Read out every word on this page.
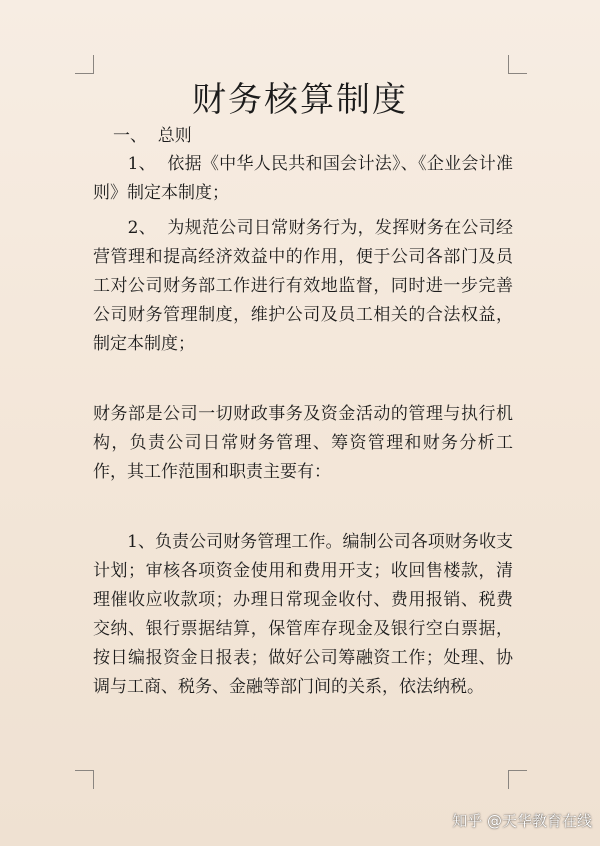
财务核算制度

一、  总则

　　1、  依据《中华人民共和国会计法》、《企业会计准则》制定本制度；

　　2、  为规范公司日常财务行为，发挥财务在公司经营管理和提高经济效益中的作用，便于公司各部门及员工对公司财务部工作进行有效地监督，同时进一步完善公司财务管理制度，维护公司及员工相关的合法权益，制定本制度；

财务部是公司一切财政事务及资金活动的管理与执行机构，负责公司日常财务管理、筹资管理和财务分析工作，其工作范围和职责主要有：

　　1、负责公司财务管理工作。编制公司各项财务收支计划；审核各项资金使用和费用开支；收回售楼款，清理催收应收款项；办理日常现金收付、费用报销、税费交纳、银行票据结算，保管库存现金及银行空白票据，按日编报资金日报表；做好公司筹融资工作；处理、协调与工商、税务、金融等部门间的关系，依法纳税。

知乎 @天华教育在线
